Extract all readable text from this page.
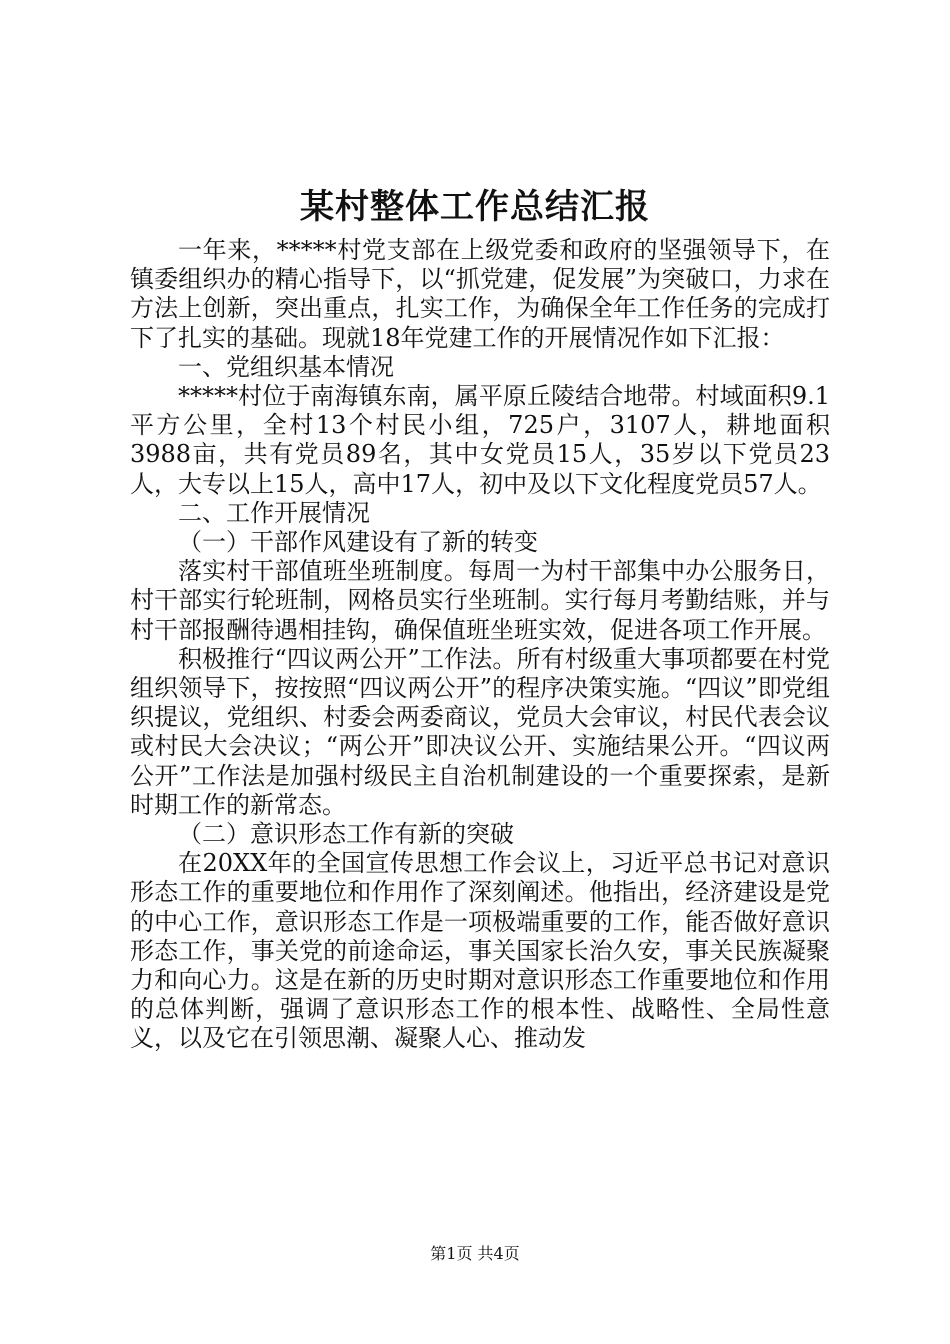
某村整体工作总结汇报

一年来，*****村党支部在上级党委和政府的坚强领导下，在镇委组织办的精心指导下，以“抓党建，促发展”为突破口，力求在方法上创新，突出重点，扎实工作，为确保全年工作任务的完成打下了扎实的基础。现就18年党建工作的开展情况作如下汇报：

一、党组织基本情况

*****村位于南海镇东南，属平原丘陵结合地带。村域面积9.1平方公里，全村13个村民小组，725户，3107人，耕地面积3988亩，共有党员89名，其中女党员15人，35岁以下党员23人，大专以上15人，高中17人，初中及以下文化程度党员57人。

二、工作开展情况

（一）干部作风建设有了新的转变

落实村干部值班坐班制度。每周一为村干部集中办公服务日，村干部实行轮班制，网格员实行坐班制。实行每月考勤结账，并与村干部报酬待遇相挂钩，确保值班坐班实效，促进各项工作开展。

积极推行“四议两公开”工作法。所有村级重大事项都要在村党组织领导下，按按照“四议两公开”的程序决策实施。“四议”即党组织提议，党组织、村委会两委商议，党员大会审议，村民代表会议或村民大会决议；“两公开”即决议公开、实施结果公开。“四议两公开”工作法是加强村级民主自治机制建设的一个重要探索，是新时期工作的新常态。

（二）意识形态工作有新的突破

在20XX年的全国宣传思想工作会议上，习近平总书记对意识形态工作的重要地位和作用作了深刻阐述。他指出，经济建设是党的中心工作，意识形态工作是一项极端重要的工作，能否做好意识形态工作，事关党的前途命运，事关国家长治久安，事关民族凝聚力和向心力。这是在新的历史时期对意识形态工作重要地位和作用的总体判断，强调了意识形态工作的根本性、战略性、全局性意义，以及它在引领思潮、凝聚人心、推动发

第1页 共4页
